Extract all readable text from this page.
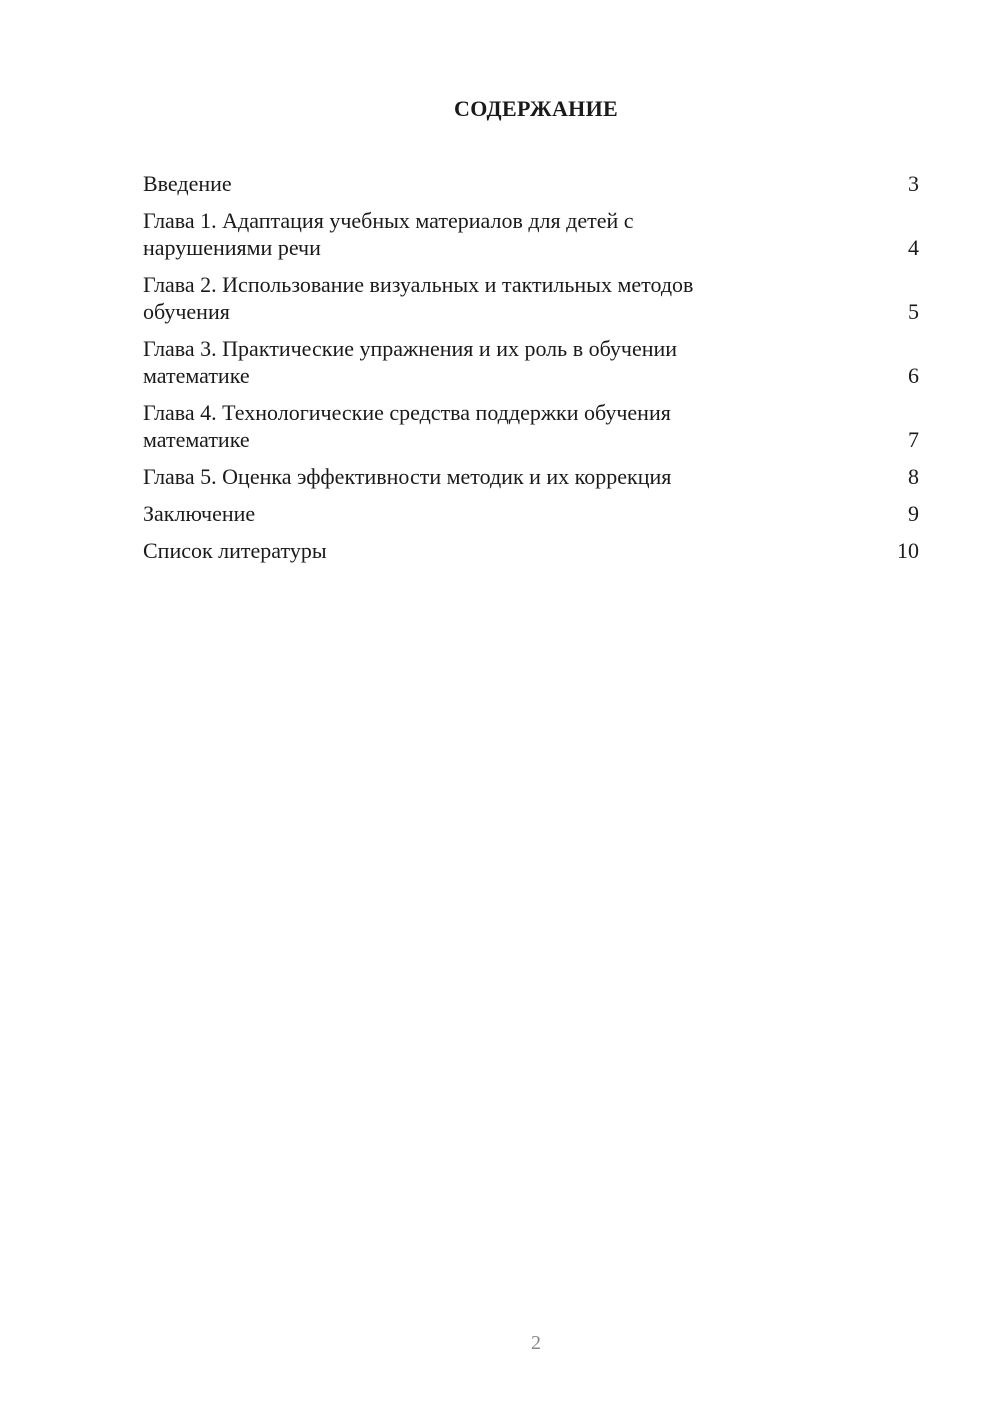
СОДЕРЖАНИЕ
Введение	3
Глава 1. Адаптация учебных материалов для детей с
нарушениями речи	4
Глава 2. Использование визуальных и тактильных методов
обучения	5
Глава 3. Практические упражнения и их роль в обучении
математике	6
Глава 4. Технологические средства поддержки обучения
математике	7
Глава 5. Оценка эффективности методик и их коррекция	8
Заключение	9
Список литературы	10
2
